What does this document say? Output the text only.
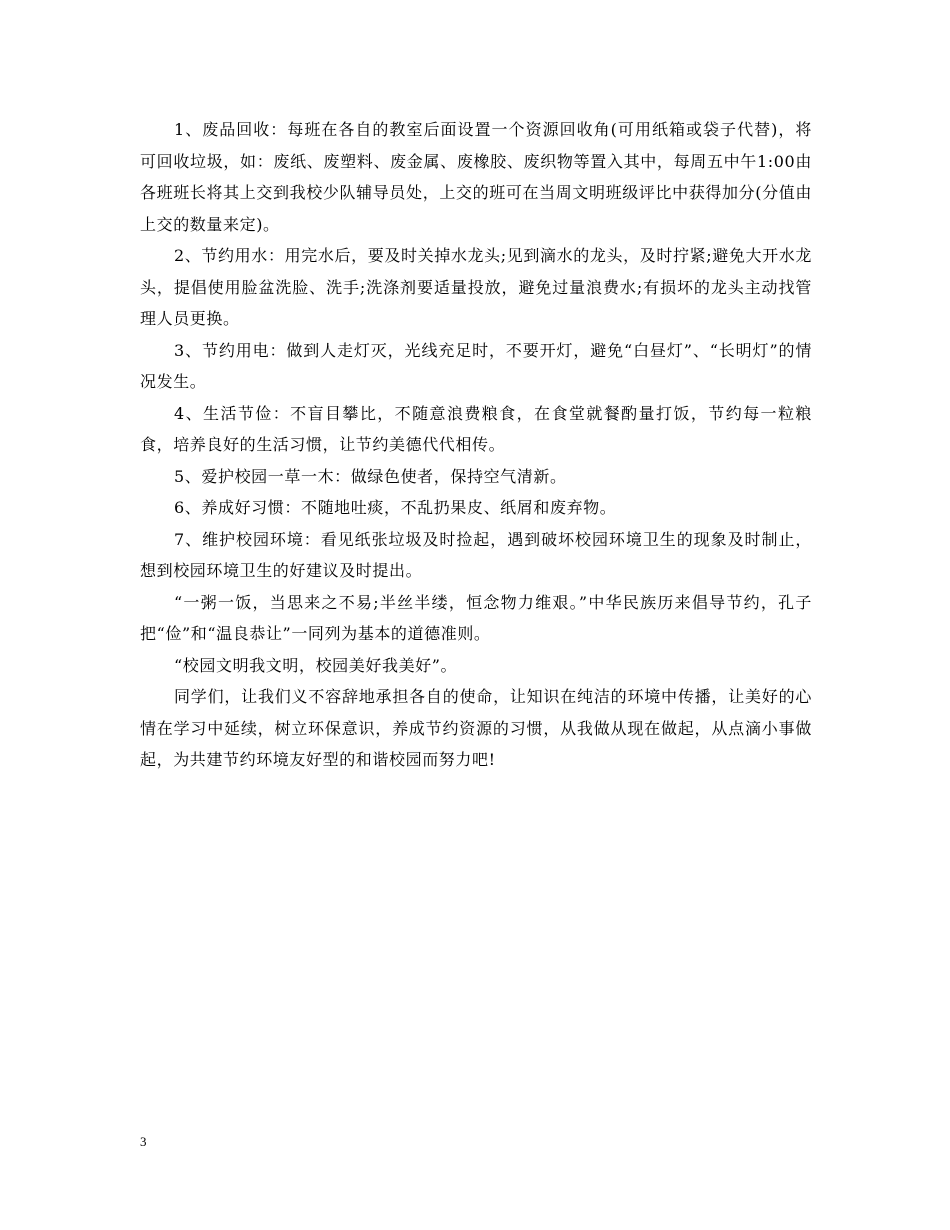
1、废品回收：每班在各自的教室后面设置一个资源回收角(可用纸箱或袋子代替)，将可回收垃圾，如：废纸、废塑料、废金属、废橡胶、废织物等置入其中，每周五中午1:00由各班班长将其上交到我校少队辅导员处，上交的班可在当周文明班级评比中获得加分(分值由上交的数量来定)。

2、节约用水：用完水后，要及时关掉水龙头;见到滴水的龙头，及时拧紧;避免大开水龙头，提倡使用脸盆洗脸、洗手;洗涤剂要适量投放，避免过量浪费水;有损坏的龙头主动找管理人员更换。

3、节约用电：做到人走灯灭，光线充足时，不要开灯，避免“白昼灯”、“长明灯”的情况发生。

4、生活节俭：不盲目攀比，不随意浪费粮食，在食堂就餐酌量打饭，节约每一粒粮食，培养良好的生活习惯，让节约美德代代相传。

5、爱护校园一草一木：做绿色使者，保持空气清新。

6、养成好习惯：不随地吐痰，不乱扔果皮、纸屑和废弃物。

7、维护校园环境：看见纸张垃圾及时捡起，遇到破坏校园环境卫生的现象及时制止，想到校园环境卫生的好建议及时提出。

“一粥一饭，当思来之不易;半丝半缕，恒念物力维艰。”中华民族历来倡导节约，孔子把“俭”和“温良恭让”一同列为基本的道德准则。

“校园文明我文明，校园美好我美好”。

同学们，让我们义不容辞地承担各自的使命，让知识在纯洁的环境中传播，让美好的心情在学习中延续，树立环保意识，养成节约资源的习惯，从我做从现在做起，从点滴小事做起，为共建节约环境友好型的和谐校园而努力吧!

3
